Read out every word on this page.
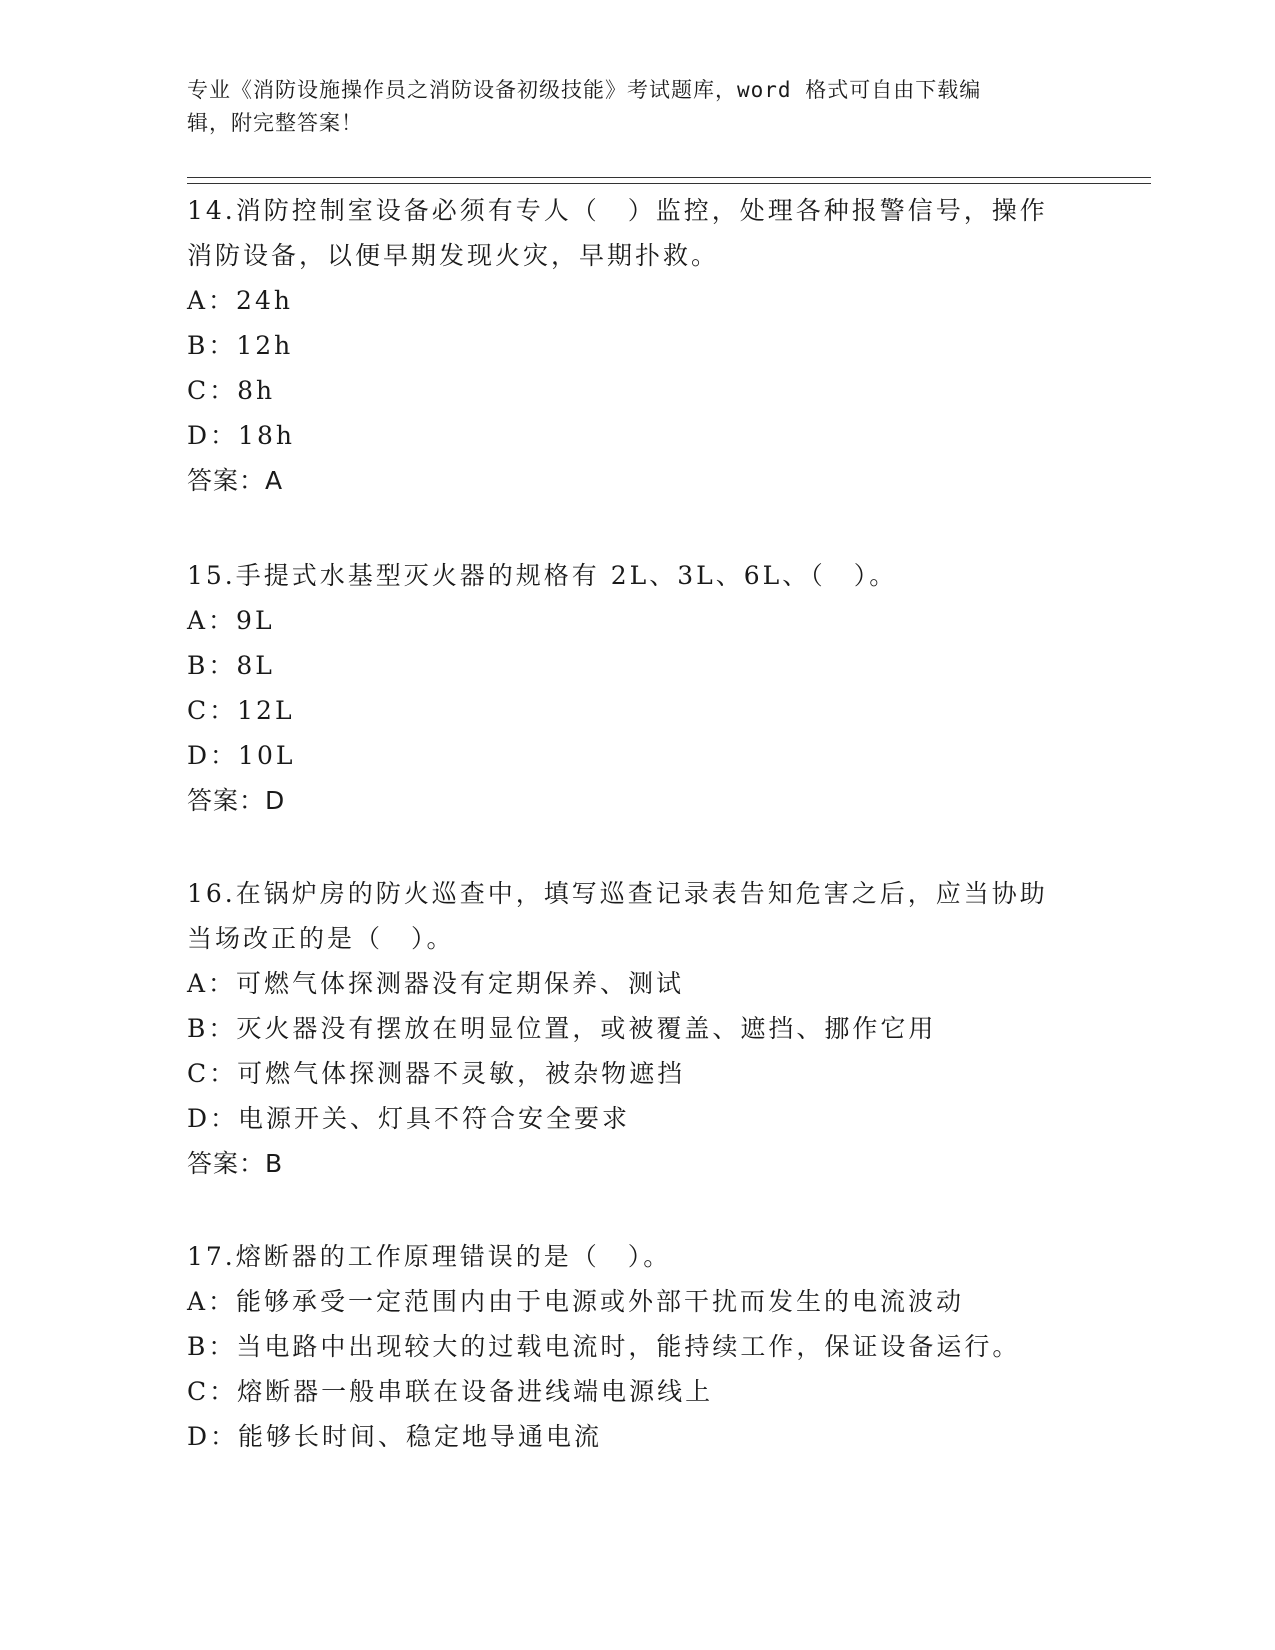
专业《消防设施操作员之消防设备初级技能》考试题库，word 格式可自由下载编
辑，附完整答案！
14.消防控制室设备必须有专人（　）监控，处理各种报警信号，操作
消防设备，以便早期发现火灾，早期扑救。
A：24h
B：12h
C：8h
D：18h
答案：A
15.手提式水基型灭火器的规格有 2L、3L、6L、（　）。
A：9L
B：8L
C：12L
D：10L
答案：D
16.在锅炉房的防火巡查中，填写巡查记录表告知危害之后，应当协助
当场改正的是（　）。
A：可燃气体探测器没有定期保养、测试
B：灭火器没有摆放在明显位置，或被覆盖、遮挡、挪作它用
C：可燃气体探测器不灵敏，被杂物遮挡
D：电源开关、灯具不符合安全要求
答案：B
17.熔断器的工作原理错误的是（　）。
A：能够承受一定范围内由于电源或外部干扰而发生的电流波动
B：当电路中出现较大的过载电流时，能持续工作，保证设备运行。
C：熔断器一般串联在设备进线端电源线上
D：能够长时间、稳定地导通电流
